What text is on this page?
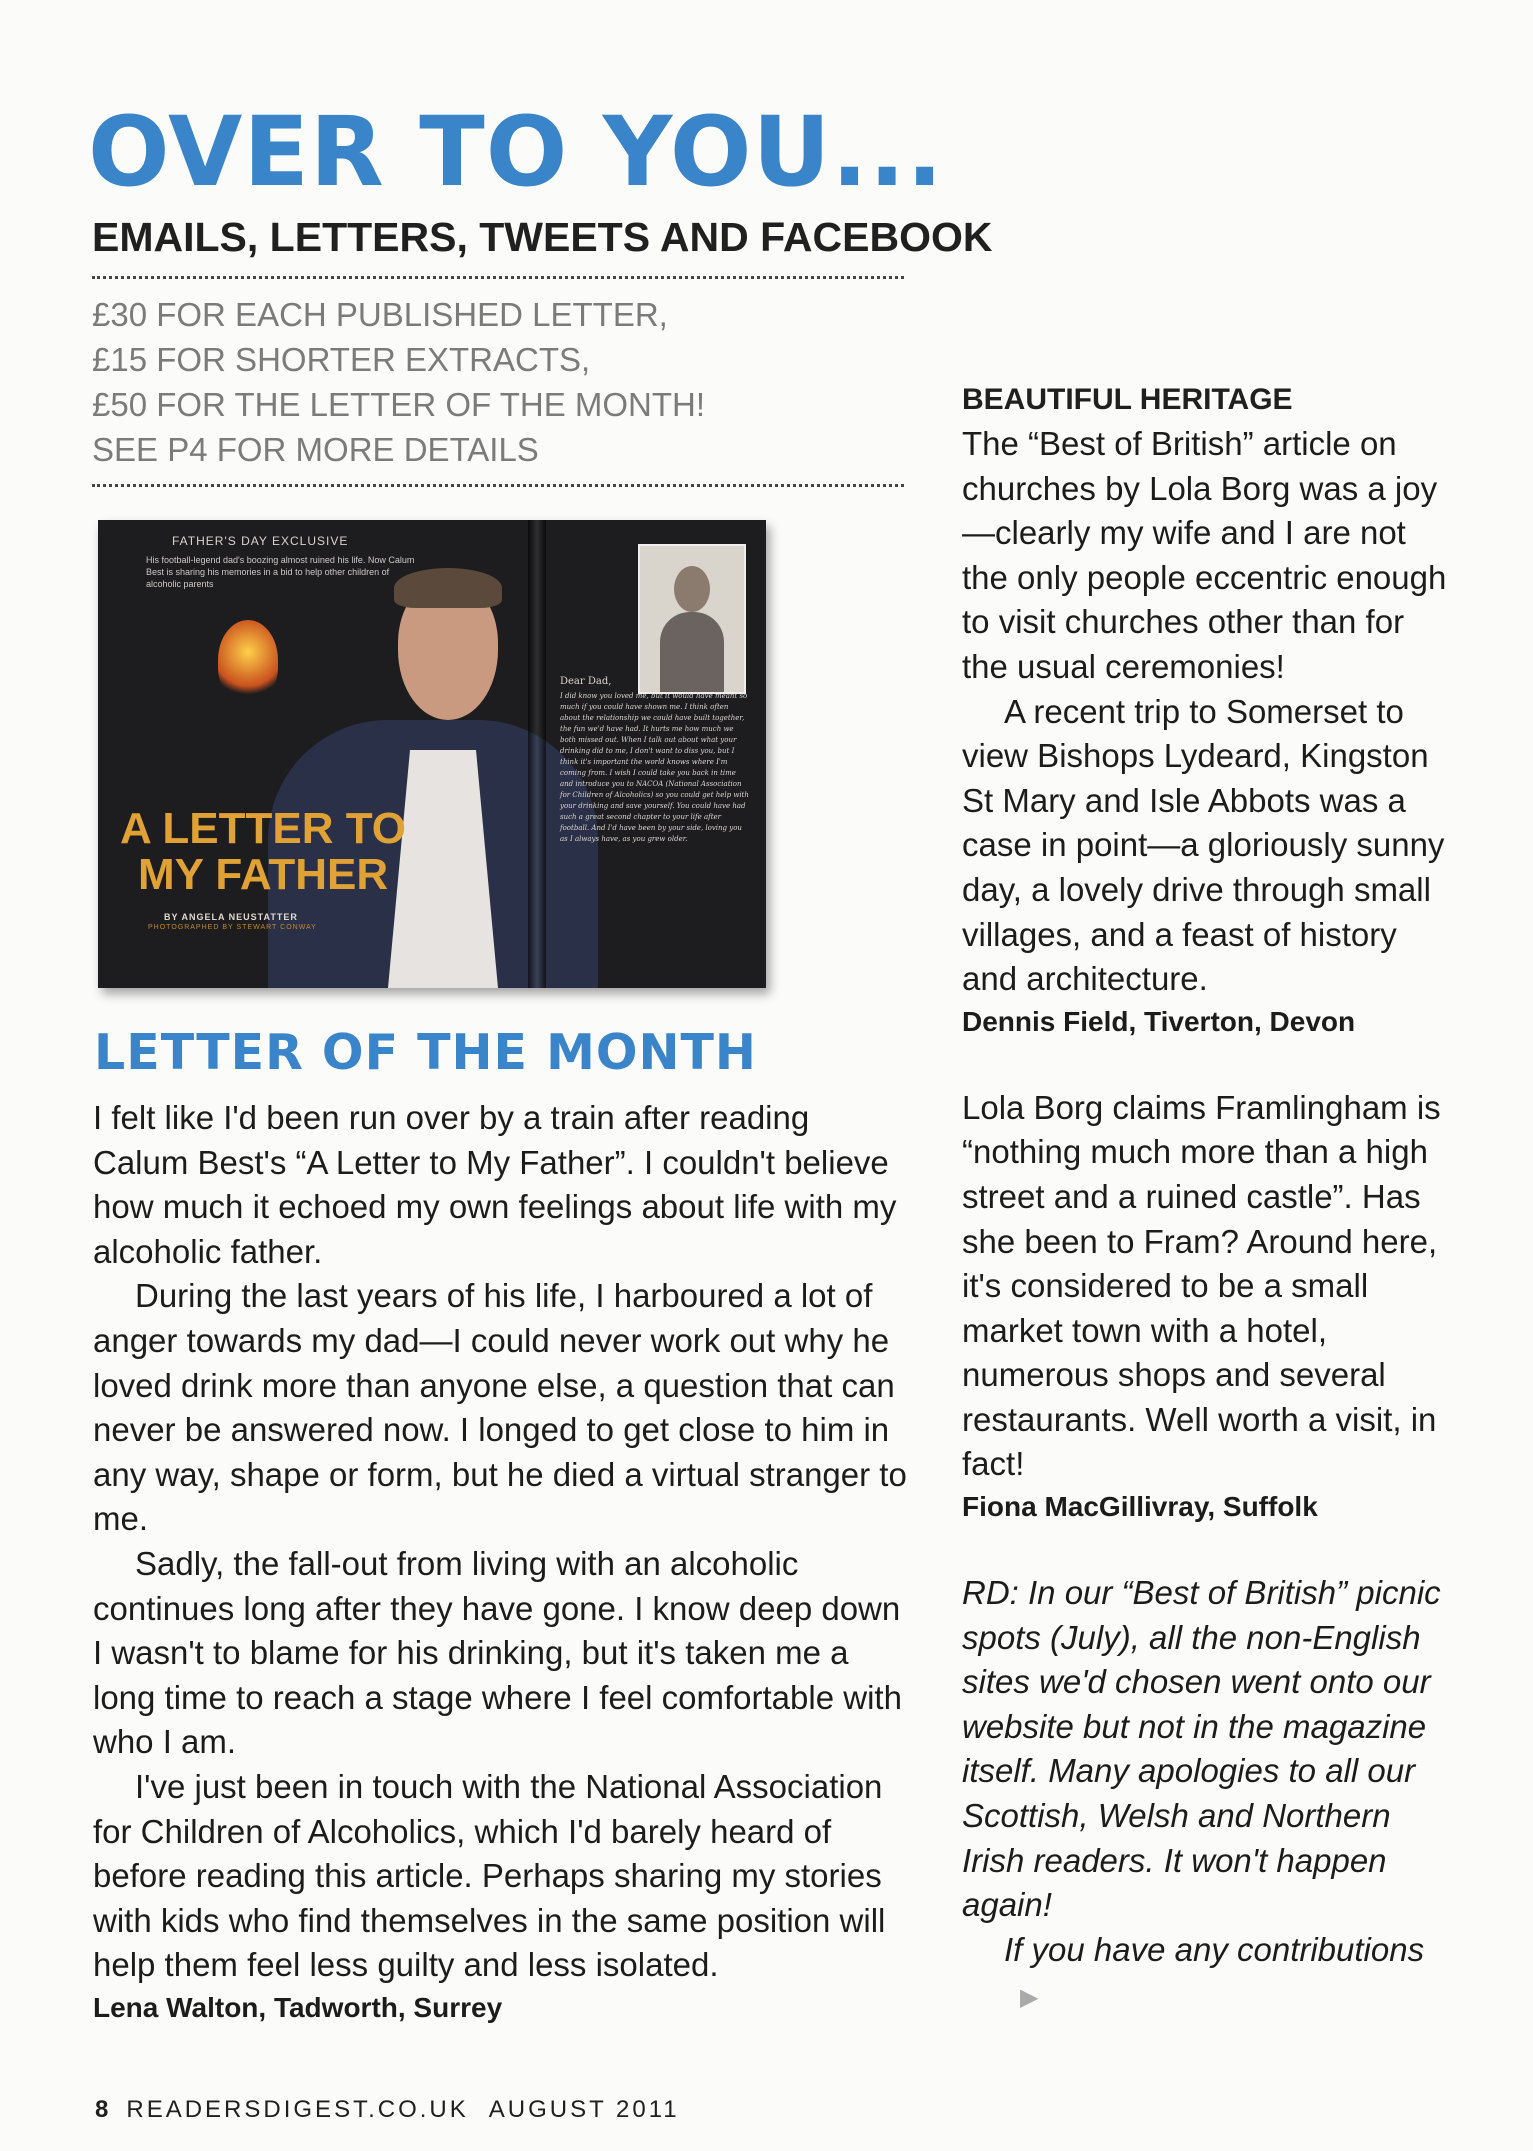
OVER TO YOU...
EMAILS, LETTERS, TWEETS AND FACEBOOK
£30 FOR EACH PUBLISHED LETTER,
£15 FOR SHORTER EXTRACTS,
£50 FOR THE LETTER OF THE MONTH!
SEE P4 FOR MORE DETAILS
FATHER'S DAY EXCLUSIVE
His football-legend dad's boozing almost ruined his life. Now Calum Best is sharing his memories in a bid to help other children of alcoholic parents
A LETTER TO
MY FATHER
BY ANGELA NEUSTATTER
PHOTOGRAPHED BY STEWART CONWAY
Dear Dad,
I did know you loved me, but it would have meant so much if you could have shown me. I think often about the relationship we could have built together, the fun we'd have had. It hurts me how much we both missed out. When I talk out about what your drinking did to me, I don't want to diss you, but I think it's important the world knows where I'm coming from. I wish I could take you back in time and introduce you to NACOA (National Association for Children of Alcoholics) so you could get help with your drinking and save yourself. You could have had such a great second chapter to your life after football. And I'd have been by your side, loving you as I always have, as you grew older.
LETTER OF THE MONTH

I felt like I'd been run over by a train after reading Calum Best's “A Letter to My Father”. I couldn't believe how much it echoed my own feelings about life with my alcoholic father.

During the last years of his life, I harboured a lot of anger towards my dad—I could never work out why he loved drink more than anyone else, a question that can never be answered now. I longed to get close to him in any way, shape or form, but he died a virtual stranger to me.

Sadly, the fall-out from living with an alcoholic continues long after they have gone. I know deep down I wasn't to blame for his drinking, but it's taken me a long time to reach a stage where I feel comfortable with who I am.

I've just been in touch with the National Association for Children of Alcoholics, which I'd barely heard of before reading this article. Perhaps sharing my stories with kids who find themselves in the same position will help them feel less guilty and less isolated.

Lena Walton, Tadworth, Surrey
BEAUTIFUL HERITAGE

The “Best of British” article on churches by Lola Borg was a joy—clearly my wife and I are not the only people eccentric enough to visit churches other than for the usual ceremonies!

A recent trip to Somerset to view Bishops Lydeard, Kingston St Mary and Isle Abbots was a case in point—a gloriously sunny day, a lovely drive through small villages, and a feast of history and architecture.

Dennis Field, Tiverton, Devon

Lola Borg claims Framlingham is “nothing much more than a high street and a ruined castle”. Has she been to Fram? Around here, it's considered to be a small market town with a hotel, numerous shops and several restaurants. Well worth a visit, in fact!

Fiona MacGillivray, Suffolk

RD: In our “Best of British” picnic spots (July), all the non-English sites we'd chosen went onto our website but not in the magazine itself. Many apologies to all our Scottish, Welsh and Northern Irish readers. It won't happen again!

If you have any contributions▶

8 READERSDIGEST.CO.UK AUGUST 2011
